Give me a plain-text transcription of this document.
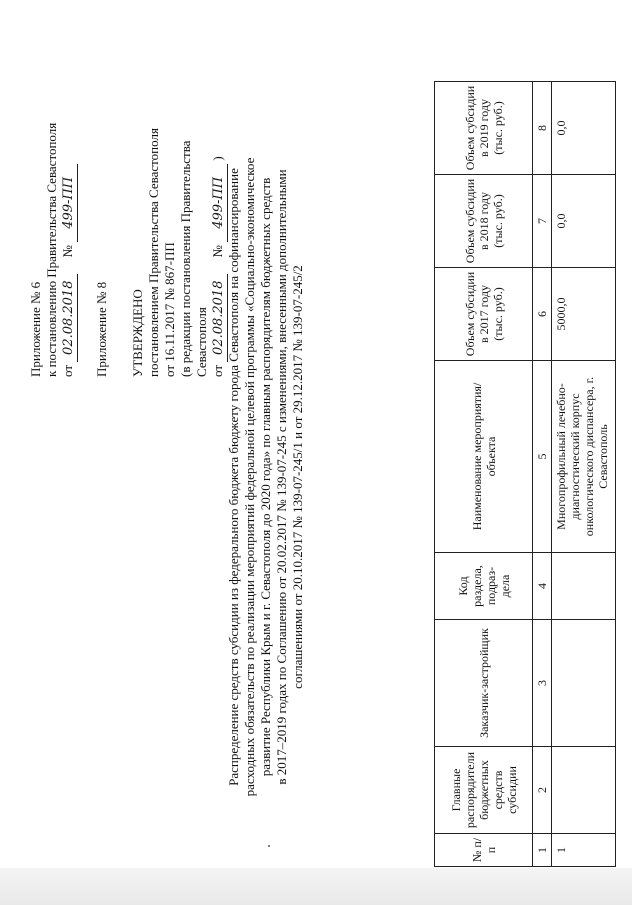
Приложение № 6 к постановлению Правительства Севастополя от 02.08.2018     № 499-ПП
Приложение № 8 УТВЕРЖДЕНО постановлением Правительства Севастополя от 16.11.2017 № 867-ПП (в редакции постановления Правительства Севастополя от 02.08.2018     № 499-ПП )
Распределение средств субсидии из федерального бюджета бюджету города Севастополя на софинансирование расходных обязательств по реализации мероприятий федеральной целевой программы «Социально-экономическое развитие Республики Крым и г. Севастополя до 2020 года» по главным распорядителям бюджетных средств в 2017–2019 годах по Соглашению от 20.02.2017 № 139-07-245 с изменениями, внесенными дополнительными соглашениями от 20.10.2017 № 139-07-245/1 и от 29.12.2017 № 139-07-245/2
№ п/п	Главные распорядители бюджетных средств субсидии	Заказчик-застройщик	Код раздела, подраз-дела	Наименование мероприятия/объекта	Объем субсидии в 2017 году (тыс. руб.)	Объем субсидии в 2018 году (тыс. руб.)	Объем субсидии в 2019 году (тыс. руб.)
1	2	3	4	5	6	7	8
1				Многопрофильный лечебно-диагностический корпус онкологического диспансера, г. Севастополь	5000,0	0,0	0,0
